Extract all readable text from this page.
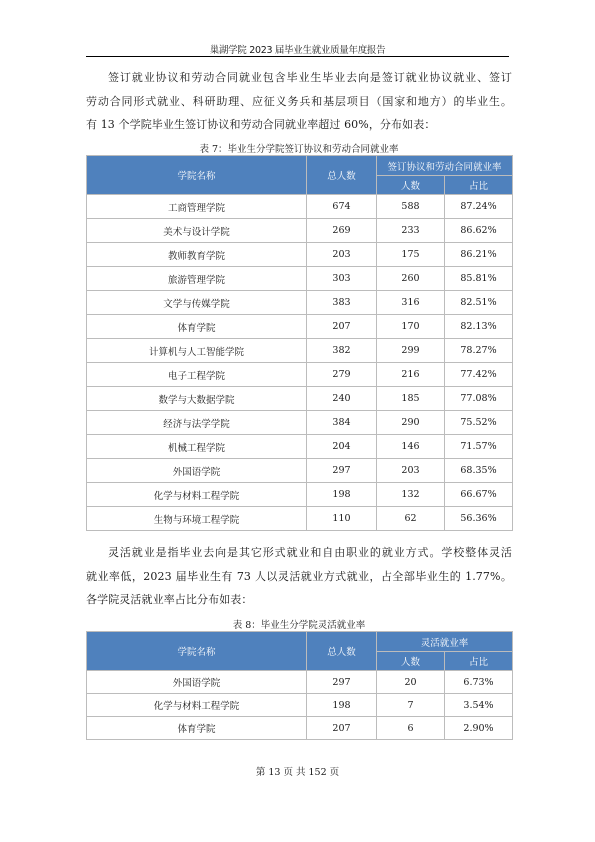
巢湖学院 2023 届毕业生就业质量年度报告

签订就业协议和劳动合同就业包含毕业生毕业去向是签订就业协议就业、签订

劳动合同形式就业、科研助理、应征义务兵和基层项目（国家和地方）的毕业生。

有 13 个学院毕业生签订协议和劳动合同就业率超过 60%，分布如表：

表 7：毕业生分学院签订协议和劳动合同就业率
学院名称	总人数	签订协议和劳动合同就业率	
		人数	占比
工商管理学院	674	588	87.24%
美术与设计学院	269	233	86.62%
教师教育学院	203	175	86.21%
旅游管理学院	303	260	85.81%
文学与传媒学院	383	316	82.51%
体育学院	207	170	82.13%
计算机与人工智能学院	382	299	78.27%
电子工程学院	279	216	77.42%
数学与大数据学院	240	185	77.08%
经济与法学学院	384	290	75.52%
机械工程学院	204	146	71.57%
外国语学院	297	203	68.35%
化学与材料工程学院	198	132	66.67%
生物与环境工程学院	110	62	56.36%

灵活就业是指毕业去向是其它形式就业和自由职业的就业方式。学校整体灵活

就业率低，2023 届毕业生有 73 人以灵活就业方式就业，占全部毕业生的 1.77%。

各学院灵活就业率占比分布如表：

表 8：毕业生分学院灵活就业率
学院名称	总人数	灵活就业率	
		人数	占比
外国语学院	297	20	6.73%
化学与材料工程学院	198	7	3.54%
体育学院	207	6	2.90%
第 13 页 共 152 页
